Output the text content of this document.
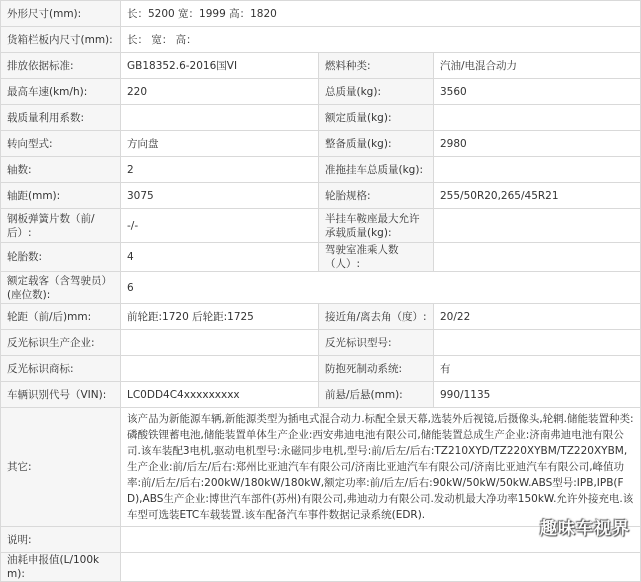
外形尺寸(mm):	长：5200 宽：1999 高：1820		
货箱栏板内尺寸(mm):	长： 宽： 高：		
排放依据标准:	GB18352.6-2016国VI	燃料种类:	汽油/电混合动力
最高车速(km/h):	220	总质量(kg):	3560
载质量利用系数:		额定质量(kg):	
转向型式:	方向盘	整备质量(kg):	2980
轴数:	2	准拖挂车总质量(kg):	
轴距(mm):	3075	轮胎规格:	255/50R20,265/45R21
钢板弹簧片数（前/后）:	-/-	半挂车鞍座最大允许承载质量(kg):	
轮胎数:	4	驾驶室准乘人数（人）:	
额定载客（含驾驶员）(座位数):	6		
轮距（前/后)mm:	前轮距:1720 后轮距:1725	接近角/离去角（度）:	20/22
反光标识生产企业:		反光标识型号:	
反光标识商标:		防抱死制动系统:	有
车辆识别代号（VIN):	LC0DD4C4xxxxxxxxx	前悬/后悬(mm):	990/1135
其它:	该产品为新能源车辆,新能源类型为插电式混合动力.标配全景天幕,选装外后视镜,后摄像头,轮辋.储能装置种类:磷酸铁锂蓄电池,储能装置单体生产企业:西安弗迪电池有限公司,储能装置总成生产企业:济南弗迪电池有限公司.该车装配3电机,驱动电机型号:永磁同步电机,型号:前/后左/后右:TZ210XYD/TZ220XYBM/TZ220XYBM,生产企业:前/后左/后右:郑州比亚迪汽车有限公司/济南比亚迪汽车有限公司/济南比亚迪汽车有限公司,峰值功率:前/后左/后右:200kW/180kW/180kW,额定功率:前/后左/后右:90kW/50kW/50kW.ABS型号:IPB,IPB(FD),ABS生产企业:博世汽车部件(苏州)有限公司,弗迪动力有限公司.发动机最大净功率150kW.允许外接充电.该车型可选装ETC车载装置.该车配备汽车事件数据记录系统(EDR).		
说明:			
油耗申报值(L/100km):			
趣味车视界
